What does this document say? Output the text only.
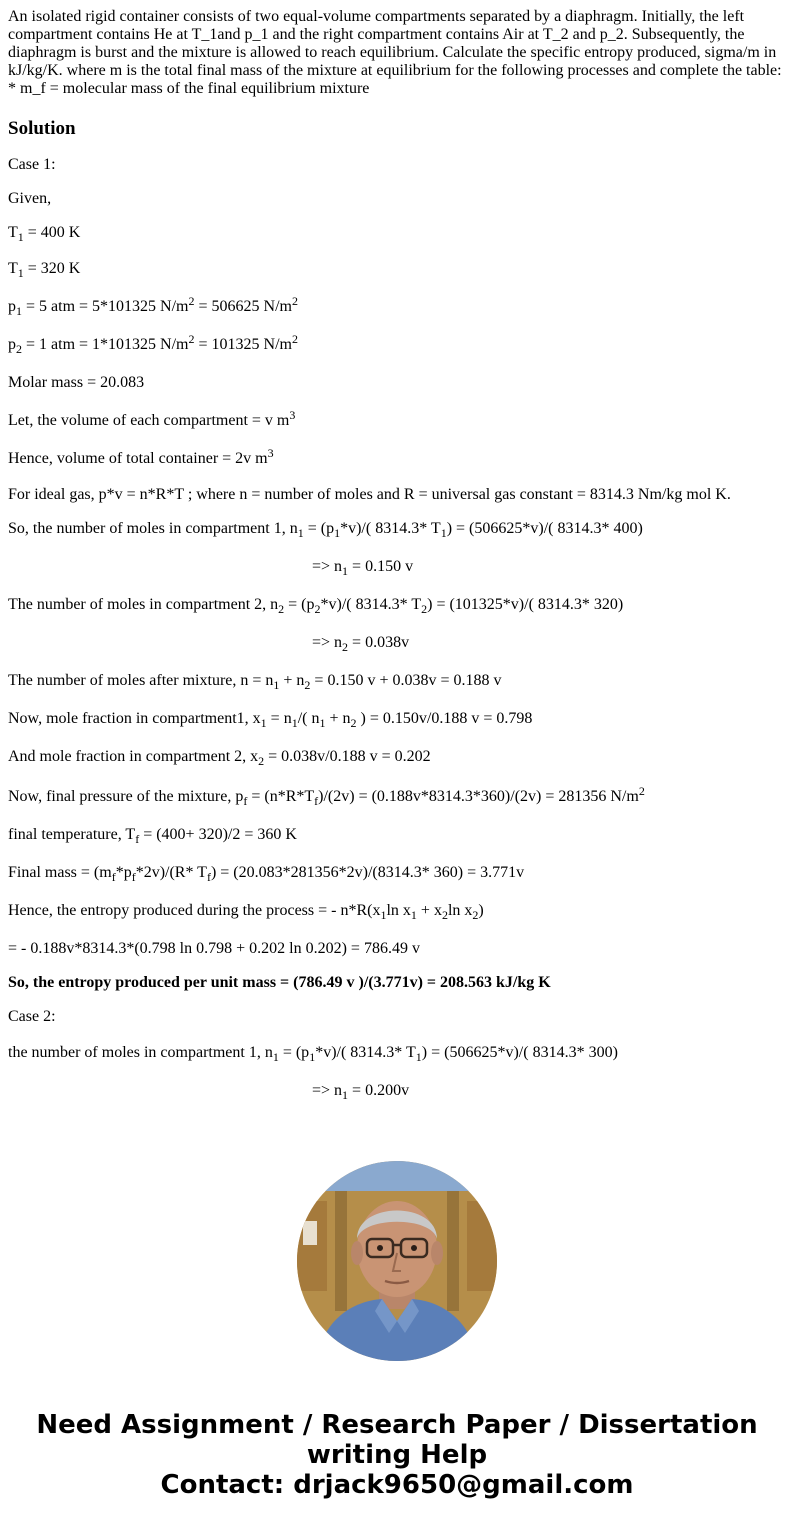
An isolated rigid container consists of two equal-volume compartments separated by a diaphragm. Initially, the left compartment contains He at T_1and p_1 and the right compartment contains Air at T_2 and p_2. Subsequently, the diaphragm is burst and the mixture is allowed to reach equilibrium. Calculate the specific entropy produced, sigma/m in kJ/kg/K. where m is the total final mass of the mixture at equilibrium for the following processes and complete the table: * m_f = molecular mass of the final equilibrium mixture
Solution

Case 1:

Given,

$T_1 = 400$ K

$T_1 = 320$ K

$p_1 = 5$ atm = 5*101325 $N/m^2 = 506625$ $N/m^2$

$p_2 = 1$ atm = 1*101325 $N/m^2 = 101325$ $N/m^2$

Molar mass = 20.083

Let, the volume of each compartment = v $m^3$

Hence, volume of total container = 2v $m^3$

For ideal gas, p*v = n*R*T ; where n = number of moles and R = universal gas constant = 8314.3 Nm/kg mol K.

So, the number of moles in compartment 1, $n_1 = (p_1*v)/$( 8314.3* $T_1) = (506625*v)/$( 8314.3* 400)

=> $n_1 = 0.150$ v

The number of moles in compartment 2, $n_2 = (p_2*v)/$( 8314.3* $T_2) = (101325*v)/$( 8314.3* 320)

=> $n_2 = 0.038v$

The number of moles after mixture, $n = n_1 + n_2 = 0.150$ v + 0.038v = 0.188 v

Now, mole fraction in compartment1, $x_1 = n_1/$( $n_1 + n_2$ ) = 0.150v/0.188 v = 0.798

And mole fraction in compartment 2, $x_2 = 0.038v/0.188$ v = 0.202

Now, final pressure of the mixture, $p_f = (n*R*T_f)/(2v) = (0.188v*8314.3*360)/(2v) = 281356$ $N/m^2$

final temperature, $T_f = (400+ 320)/2 = 360$ K

Final mass = $(m_f*p_f*2v)/(R*$ $T_f) = (20.083*281356*2v)/(8314.3*$ 360) = 3.771v

Hence, the entropy produced during the process = - $n*R(x_1\ln$ $x_1 + x_2\ln$ $x_2$)

= - 0.188v*8314.3*(0.798 ln 0.798 + 0.202 ln 0.202) = 786.49 v

So, the entropy produced per unit mass = (786.49 v )/(3.771v) = 208.563 kJ/kg K

Case 2:

the number of moles in compartment 1, $n_1 = (p_1*v)/$( 8314.3* $T_1) = (506625*v)/$( 8314.3* 300)

=> $n_1 = 0.200v$

Need Assignment / Research Paper / Dissertation
writing Help
Contact: drjack9650@gmail.com
